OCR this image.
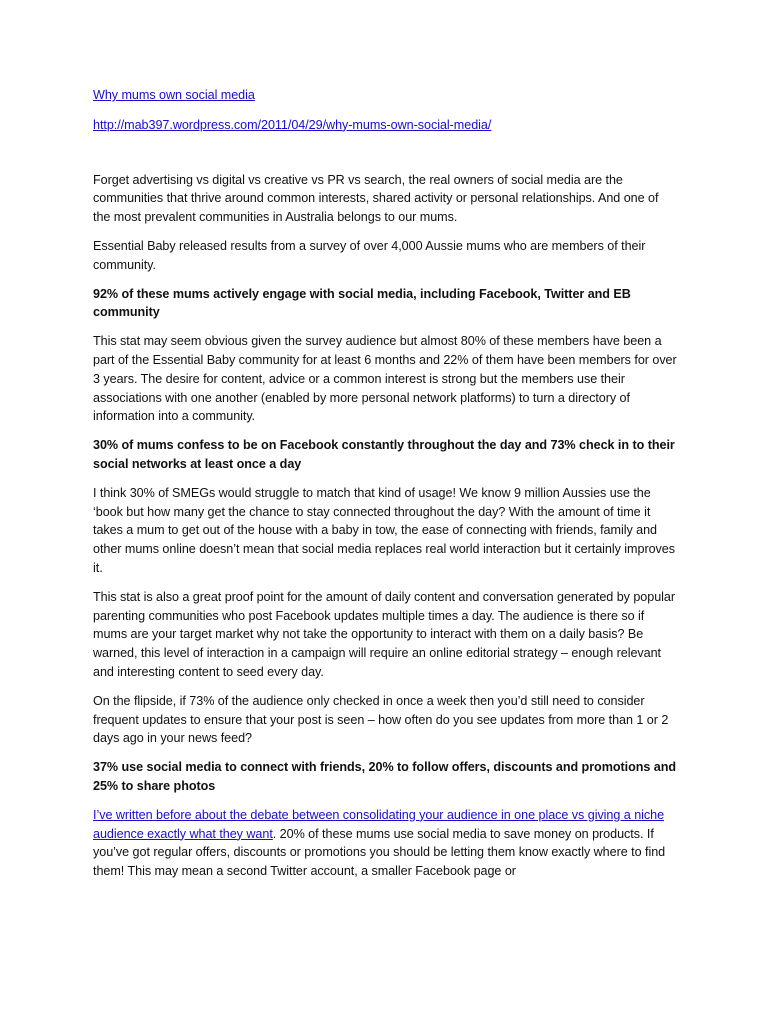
Why mums own social media
http://mab397.wordpress.com/2011/04/29/why-mums-own-social-media/

Forget advertising vs digital vs creative vs PR vs search, the real owners of social media are the communities that thrive around common interests, shared activity or personal relationships. And one of the most prevalent communities in Australia belongs to our mums.

Essential Baby released results from a survey of over 4,000 Aussie mums who are members of their community.

92% of these mums actively engage with social media, including Facebook, Twitter and EB community

This stat may seem obvious given the survey audience but almost 80% of these members have been a part of the Essential Baby community for at least 6 months and 22% of them have been members for over 3 years. The desire for content, advice or a common interest is strong but the members use their associations with one another (enabled by more personal network platforms) to turn a directory of information into a community.

30% of mums confess to be on Facebook constantly throughout the day and 73% check in to their social networks at least once a day

I think 30% of SMEGs would struggle to match that kind of usage! We know 9 million Aussies use the ‘book but how many get the chance to stay connected throughout the day? With the amount of time it takes a mum to get out of the house with a baby in tow, the ease of connecting with friends, family and other mums online doesn’t mean that social media replaces real world interaction but it certainly improves it.

This stat is also a great proof point for the amount of daily content and conversation generated by popular parenting communities who post Facebook updates multiple times a day. The audience is there so if mums are your target market why not take the opportunity to interact with them on a daily basis? Be warned, this level of interaction in a campaign will require an online editorial strategy – enough relevant and interesting content to seed every day.

On the flipside, if 73% of the audience only checked in once a week then you’d still need to consider frequent updates to ensure that your post is seen – how often do you see updates from more than 1 or 2 days ago in your news feed?

37% use social media to connect with friends, 20% to follow offers, discounts and promotions and 25% to share photos

I’ve written before about the debate between consolidating your audience in one place vs giving a niche audience exactly what they want. 20% of these mums use social media to save money on products. If you’ve got regular offers, discounts or promotions you should be letting them know exactly where to find them! This may mean a second Twitter account, a smaller Facebook page or
